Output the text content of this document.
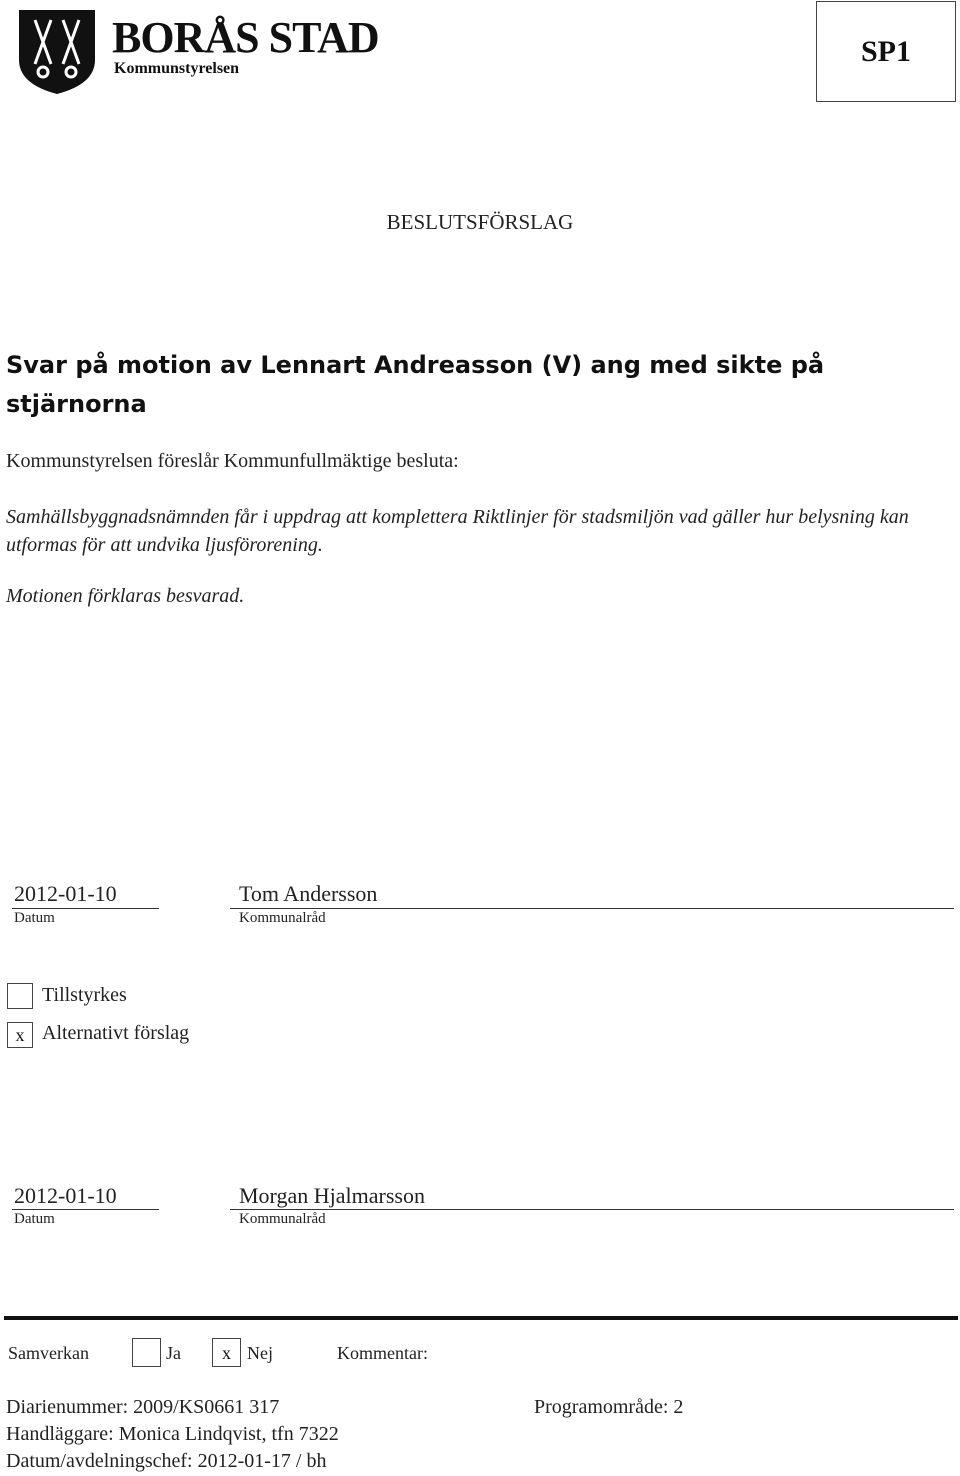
BORÅS STAD
Kommunstyrelsen
SP1
BESLUTSFÖRSLAG
Svar på motion av Lennart Andreasson (V) ang med sikte på stjärnorna
Kommunstyrelsen föreslår Kommunfullmäktige besluta:
Samhällsbyggnadsnämnden får i uppdrag att komplettera Riktlinjer för stadsmiljön vad gäller hur belysning kan utformas för att undvika ljusförorening.
Motionen förklaras besvarad.
2012-01-10
Datum
Tom Andersson
Kommunalråd
Tillstyrkes
x Alternativt förslag
2012-01-10
Datum
Morgan Hjalmarsson
Kommunalråd
Samverkan	Ja	x Nej	Kommentar:
Diarienummer: 2009/KS0661 317	Programområde: 2
Handläggare: Monica Lindqvist, tfn 7322
Datum/avdelningschef: 2012-01-17 / bh
